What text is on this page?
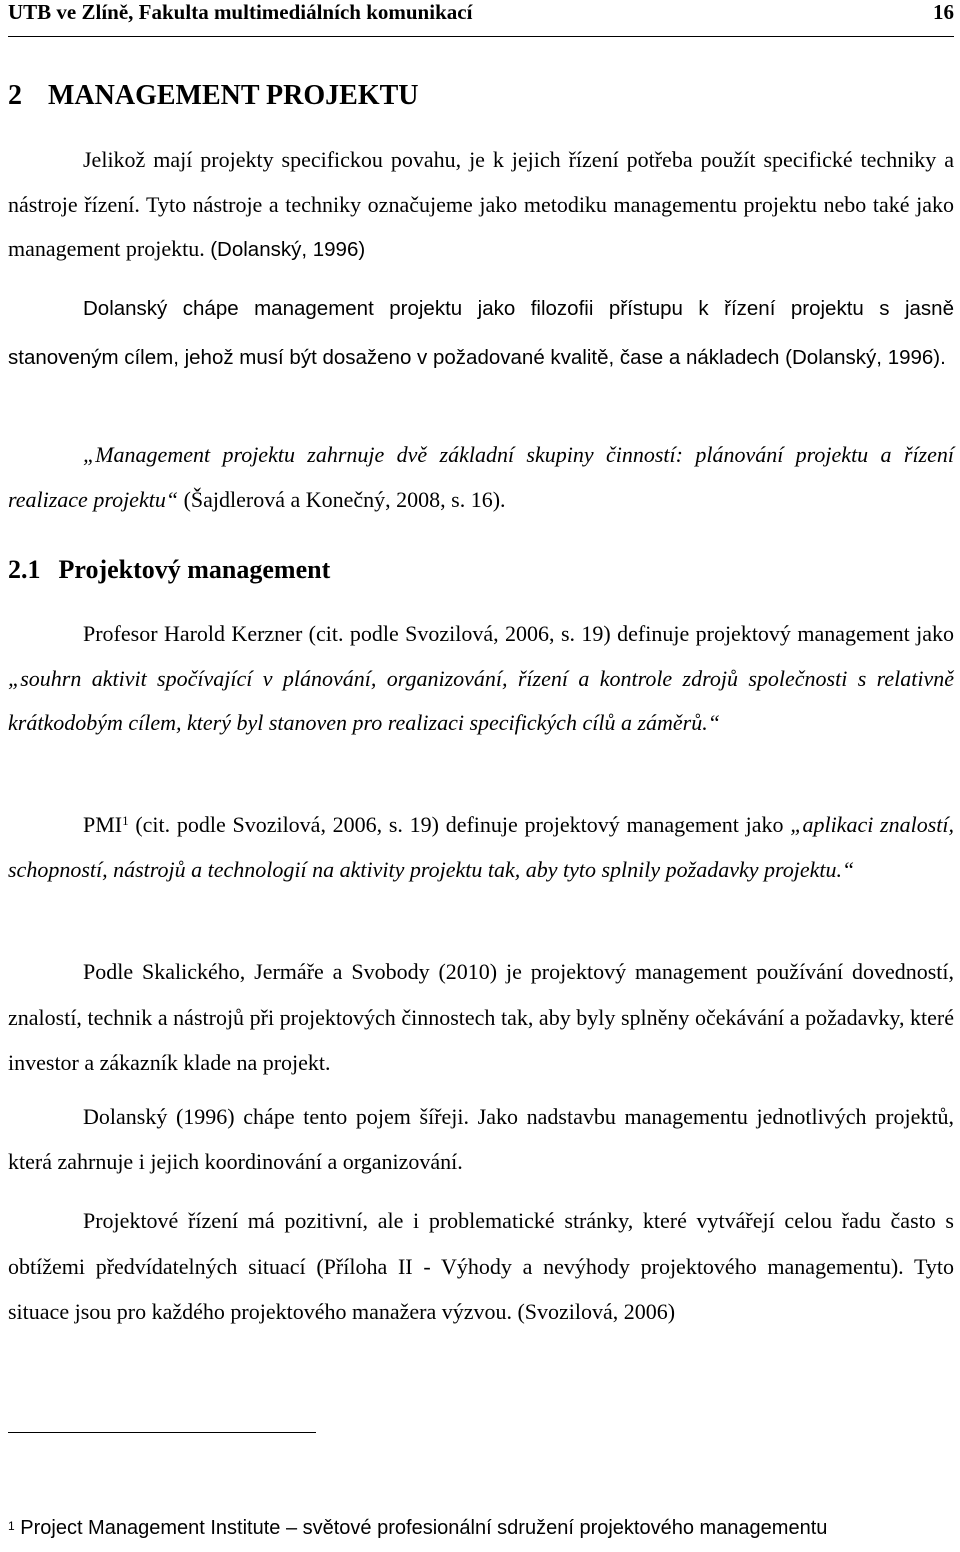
UTB ve Zlíně, Fakulta multimediálních komunikací	16
2 MANAGEMENT PROJEKTU

Jelikož mají projekty specifickou povahu, je k jejich řízení potřeba použít specifické techniky a nástroje řízení. Tyto nástroje a techniky označujeme jako metodiku managementu projektu nebo také jako management projektu. (Dolanský, 1996)

Dolanský chápe management projektu jako filozofii přístupu k řízení projektu s jasně stanoveným cílem, jehož musí být dosaženo v požadované kvalitě, čase a nákladech (Dolanský, 1996).

„Management projektu zahrnuje dvě základní skupiny činností: plánování projektu a řízení realizace projektu“ (Šajdlerová a Konečný, 2008, s. 16).

2.1 Projektový management

Profesor Harold Kerzner (cit. podle Svozilová, 2006, s. 19) definuje projektový management jako „souhrn aktivit spočívající v plánování, organizování, řízení a kontrole zdrojů společnosti s relativně krátkodobým cílem, který byl stanoven pro realizaci specifických cílů a záměrů.“

PMI$^1$ (cit. podle Svozilová, 2006, s. 19) definuje projektový management jako „aplikaci znalostí, schopností, nástrojů a technologií na aktivity projektu tak, aby tyto splnily požadavky projektu.“

Podle Skalického, Jermáře a Svobody (2010) je projektový management používání dovedností, znalostí, technik a nástrojů při projektových činnostech tak, aby byly splněny očekávání a požadavky, které investor a zákazník klade na projekt.

Dolanský (1996) chápe tento pojem šířeji. Jako nadstavbu managementu jednotlivých projektů, která zahrnuje i jejich koordinování a organizování.

Projektové řízení má pozitivní, ale i problematické stránky, které vytvářejí celou řadu často s obtížemi předvídatelných situací (Příloha II - Výhody a nevýhody projektového managementu). Tyto situace jsou pro každého projektového manažera výzvou. (Svozilová, 2006)

$^1$ Project Management Institute – světové profesionální sdružení projektového managementu
